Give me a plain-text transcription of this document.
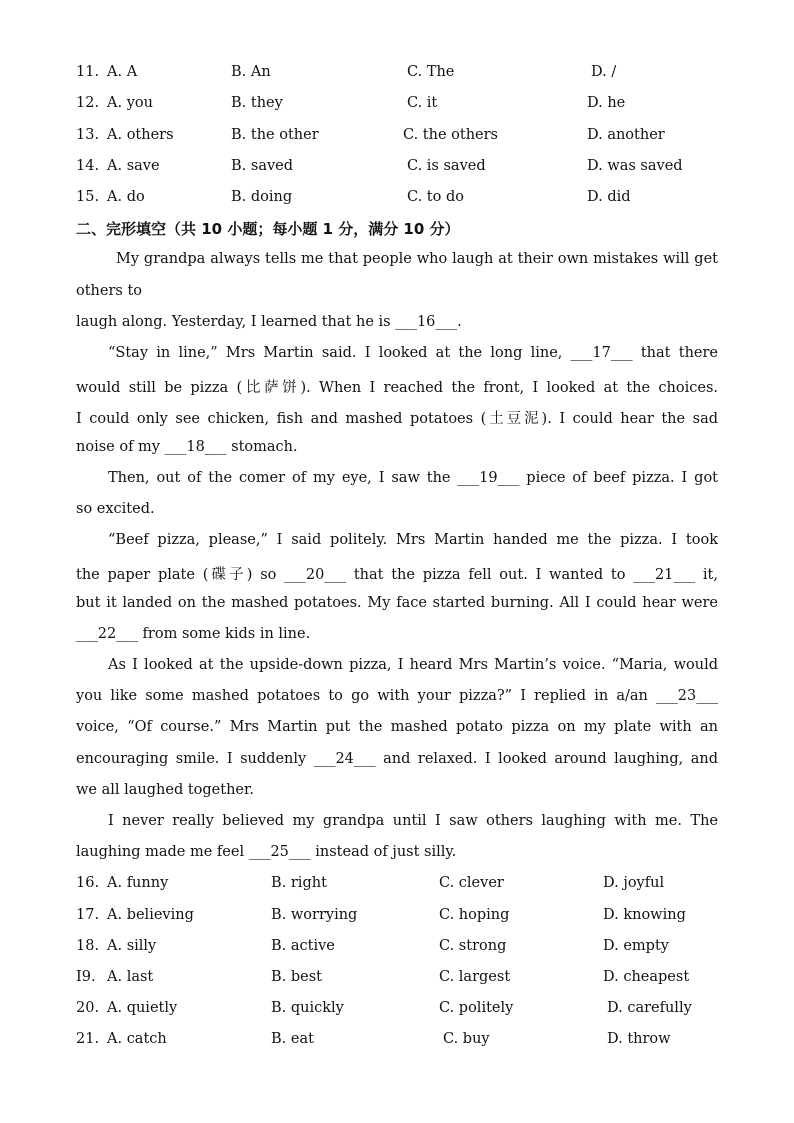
11. A. A	B. An	C. The	D. /
12. A. you	B. they	C. it	D. he
13. A. others	B. the other	C. the others	D. another
14. A. save	B. saved	C. is saved	D. was saved
15. A. do	B. doing	C. to do	D. did
二、完形填空（共 10 小题；每小题 1 分，满分 10 分）
My grandpa always tells me that people who laugh at their own mistakes will get
others to
laugh along. Yesterday, I learned that he is ___16___.
“Stay in line,” Mrs Martin said. I looked at the long line, ___17___ that there
would still be pizza (比萨饼). When I reached the front, I looked at the choices.
I could only see chicken, fish and mashed potatoes (土豆泥). I could hear the sad
noise of my ___18___ stomach.
Then, out of the comer of my eye, I saw the ___19___ piece of beef pizza. I got
so excited.
“Beef pizza, please,” I said politely. Mrs Martin handed me the pizza. I took
the paper plate (碟子) so ___20___ that the pizza fell out. I wanted to ___21___ it,
but it landed on the mashed potatoes. My face started burning. All I could hear were
___22___ from some kids in line.
As I looked at the upside-down pizza, I heard Mrs Martin’s voice. “Maria, would
you like some mashed potatoes to go with your pizza?” I replied in a/an ___23___
voice, “Of course.” Mrs Martin put the mashed potato pizza on my plate with an
encouraging smile. I suddenly ___24___ and relaxed. I looked around laughing, and
we all laughed together.
I never really believed my grandpa until I saw others laughing with me. The
laughing made me feel ___25___ instead of just silly.
16. A. funny	B. right	C. clever	D. joyful
17. A. believing	B. worrying	C. hoping	D. knowing
18. A. silly	B. active	C. strong	D. empty
I9. A. last	B. best	C. largest	D. cheapest
20. A. quietly	B. quickly	C. politely	D. carefully
21. A. catch	B. eat	C. buy	D. throw
